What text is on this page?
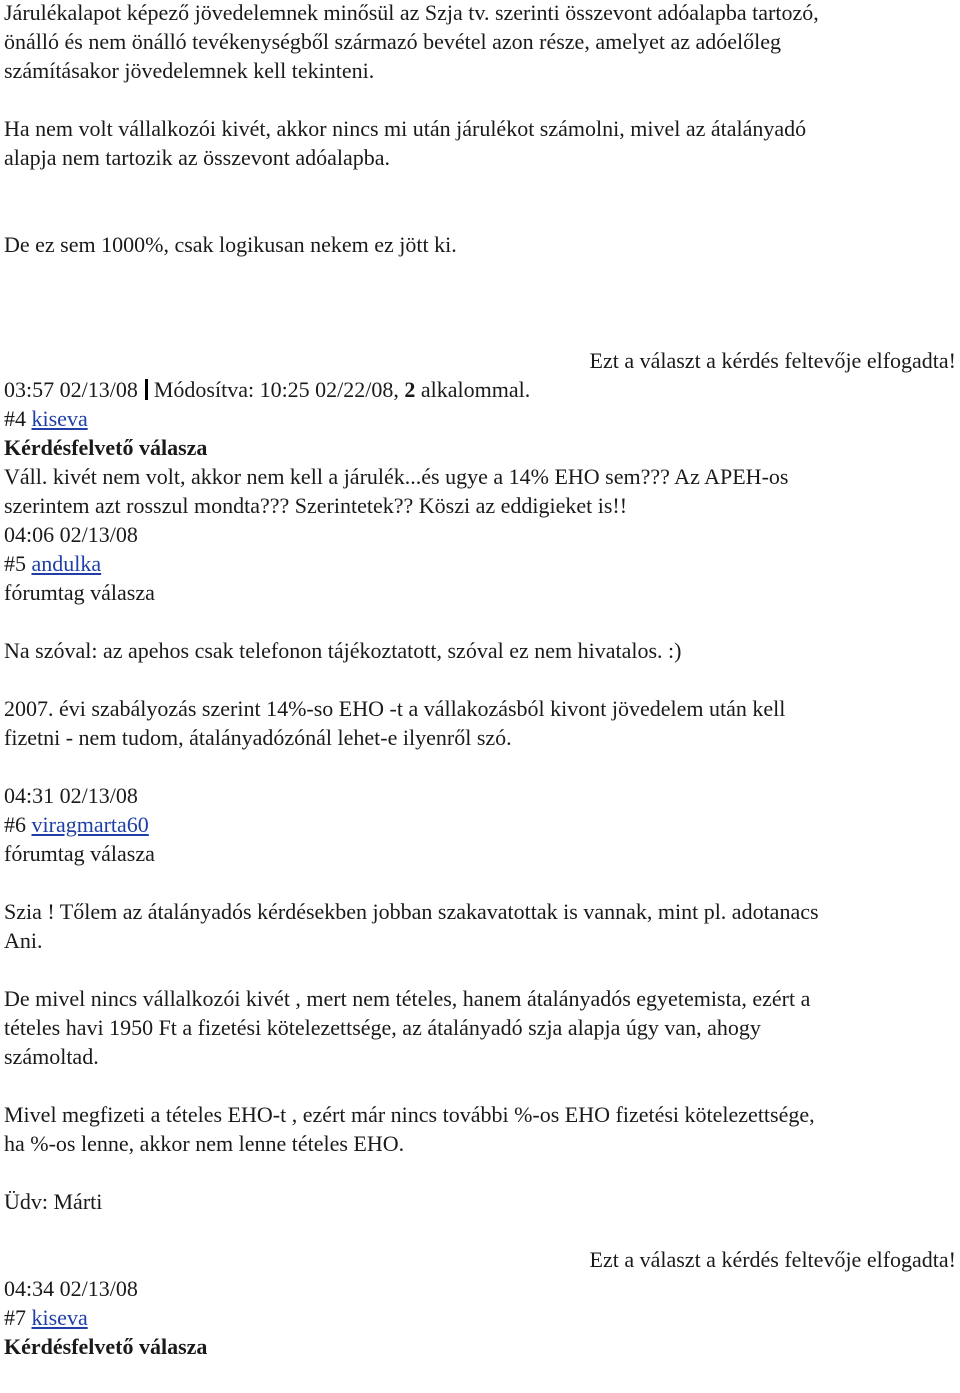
Járulékalapot képező jövedelemnek minősül az Szja tv. szerinti összevont adóalapba tartozó,
önálló és nem önálló tevékenységből származó bevétel azon része, amelyet az adóelőleg
számításakor jövedelemnek kell tekinteni.
Ha nem volt vállalkozói kivét, akkor nincs mi után járulékot számolni, mivel az átalányadó
alapja nem tartozik az összevont adóalapba.
De ez sem 1000%, csak logikusan nekem ez jött ki.
Ezt a választ a kérdés feltevője elfogadta!
03:57 02/13/08 Módosítva: 10:25 02/22/08, 2 alkalommal.
#4 kiseva
Kérdésfelvető válasza
Váll. kivét nem volt, akkor nem kell a járulék...és ugye a 14% EHO sem??? Az APEH-os
szerintem azt rosszul mondta??? Szerintetek?? Köszi az eddigieket is!!
04:06 02/13/08
#5 andulka
fórumtag válasza
Na szóval: az apehos csak telefonon tájékoztatott, szóval ez nem hivatalos. :)
2007. évi szabályozás szerint 14%-so EHO -t a vállakozásból kivont jövedelem után kell
fizetni - nem tudom, átalányadózónál lehet-e ilyenről szó.
04:31 02/13/08
#6 viragmarta60
fórumtag válasza
Szia ! Tőlem az átalányadós kérdésekben jobban szakavatottak is vannak, mint pl. adotanacs
Ani.
De mivel nincs vállalkozói kivét , mert nem tételes, hanem átalányadós egyetemista, ezért a
tételes havi 1950 Ft a fizetési kötelezettsége, az átalányadó szja alapja úgy van, ahogy
számoltad.
Mivel megfizeti a tételes EHO-t , ezért már nincs további %-os EHO fizetési kötelezettsége,
ha %-os lenne, akkor nem lenne tételes EHO.
Üdv: Márti
Ezt a választ a kérdés feltevője elfogadta!
04:34 02/13/08
#7 kiseva
Kérdésfelvető válasza
